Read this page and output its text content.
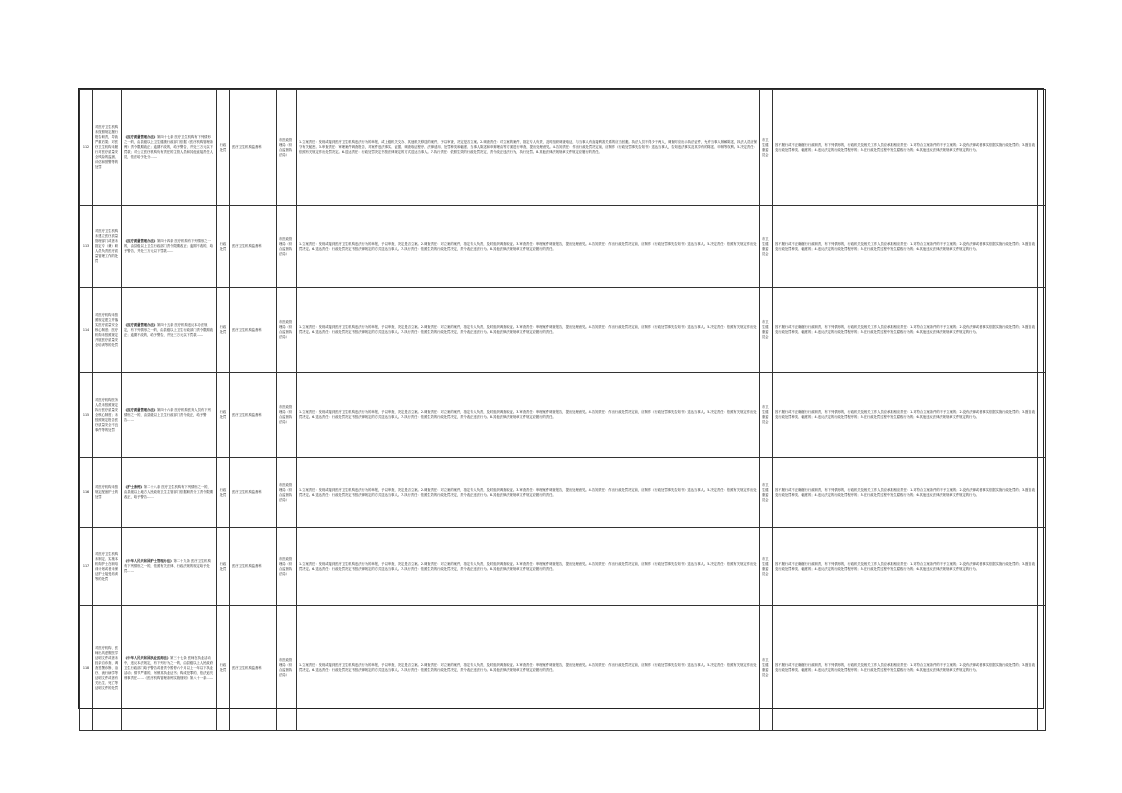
112	对医疗卫生机构未按照规定履行报告职责，导致严重后果；对医疗卫生机构未履行对医疗质量安全风险的监测、评估和预警等的处罚	《医疗质量管理办法》第四十七条 医疗卫生机构有下列情形之一的，由县级以上卫生健康行政部门依据《医疗机构管理条例》责令限期改正；逾期不改的，给予警告，并处三万元以下罚款；对公立医疗机构负有责任的主管人员和其他直接责任人员，依法给予处分……	行政处罚	医疗卫生机构监督科	市医政管理局（综合监督执法局）	1.立案责任：发现或接到医疗卫生机构违法行为的举报，或上级机关交办、其他机关移送的案件，予以审查，决定是否立案。2.调查责任：对立案的案件，指定专人负责，及时组织调查取证，与当事人有直接利害关系的应当回避。执法人员不得少于两人，调查时应出示执法证件，允许当事人辩解陈述，执法人员应保守有关秘密。3.审查责任：审理案件调查报告，对案件违法事实、证据、调查取证程序、法律适用、处罚种类和幅度、当事人陈述和申辩理由等方面进行审查，提出处理意见。4.告知责任：作出行政处罚决定前，应制作《行政处罚事先告知书》送达当事人，告知违法事实及其享有的陈述、申辩等权利。5.决定责任：依照有关规定作出处罚决定。6.送达责任：行政处罚决定书按法律规定的方式送达当事人。7.执行责任：依照生效的行政处罚决定，责令改正违法行为，执行处罚。8.其他法律法规规章文件规定应履行的责任。	市卫生健康委员会	因不履行或不正确履行行政职责，有下列情形的，行政机关及相关工作人员应承担相应责任：1.对符合立案条件的不予立案的；2.没有法律或者事实依据实施行政处罚的；3.擅自改变行政处罚种类、幅度的；4.违反法定的行政处罚程序的；5.在行政处罚过程中发生腐败行为的；6.其他违反法律法规规章文件规定的行为。	
113	对医疗卫生机构未建立医疗质量管理部门或者未指定专（兼）职人员负责医疗质量管理工作的处罚	《医疗质量管理办法》第四十四条 医疗机构有下列情形之一的，由县级以上卫生行政部门责令限期改正；逾期不改的，给予警告，并处三万元以下罚款……	行政处罚	医疗卫生机构监督科	市医政管理局（综合监督执法局）	1.立案责任：发现或接到医疗卫生机构违法行为的举报，予以审查，决定是否立案。2.调查责任：对立案的案件，指定专人负责，及时组织调查取证。3.审查责任：审理案件调查报告，提出处理意见。4.告知责任：作出行政处罚决定前，应制作《行政处罚事先告知书》送达当事人。5.决定责任：依照有关规定作出处罚决定。6.送达责任：行政处罚决定书按法律规定的方式送达当事人。7.执行责任：依照生效的行政处罚决定，责令改正违法行为。8.其他法律法规规章文件规定应履行的责任。	市卫生健康委员会	因不履行或不正确履行行政职责，有下列情形的，行政机关及相关工作人员应承担相应责任：1.对符合立案条件的不予立案的；2.没有法律或者事实依据实施行政处罚的；3.擅自改变行政处罚种类、幅度的；4.违反法定的行政处罚程序的；5.在行政处罚过程中发生腐败行为的；6.其他违反法律法规规章文件规定的行为。	
114	对医疗机构未按照规定建立并落实医疗质量安全核心制度；医疗机构未按照规定开展医疗质量安全培训等的处罚	《医疗质量管理办法》第四十五条 医疗机构违反本办法规定，有下列情形之一的，由县级以上卫生行政部门责令限期改正；逾期不改的，给予警告，并处三万元以下罚款……	行政处罚	医疗卫生机构监督科	市医政管理局（综合监督执法局）	1.立案责任：发现或接到医疗卫生机构违法行为的举报，予以审查，决定是否立案。2.调查责任：对立案的案件，指定专人负责，及时组织调查取证。3.审查责任：审理案件调查报告，提出处理意见。4.告知责任：作出行政处罚决定前，应制作《行政处罚事先告知书》送达当事人。5.决定责任：依照有关规定作出处罚决定。6.送达责任：行政处罚决定书按法律规定的方式送达当事人。7.执行责任：依照生效的行政处罚决定，责令改正违法行为。8.其他法律法规规章文件规定应履行的责任。	市卫生健康委员会	因不履行或不正确履行行政职责，有下列情形的，行政机关及相关工作人员应承担相应责任：1.对符合立案条件的不予立案的；2.没有法律或者事实依据实施行政处罚的；3.擅自改变行政处罚种类、幅度的；4.违反法定的行政处罚程序的；5.在行政处罚过程中发生腐败行为的；6.其他违反法律法规规章文件规定的行为。	
115	对医疗机构医务人员未按照规定执行医疗质量安全核心制度；未按照规定报告医疗质量安全不良事件等的处罚	《医疗质量管理办法》第四十六条 医疗机构医务人员有下列情形之一的，由县级以上卫生行政部门责令改正，给予警告……	行政处罚	医疗卫生机构监督科	市医政管理局（综合监督执法局）	1.立案责任：发现或接到医疗卫生机构违法行为的举报，予以审查，决定是否立案。2.调查责任：对立案的案件，指定专人负责，及时组织调查取证。3.审查责任：审理案件调查报告，提出处理意见。4.告知责任：作出行政处罚决定前，应制作《行政处罚事先告知书》送达当事人。5.决定责任：依照有关规定作出处罚决定。6.送达责任：行政处罚决定书按法律规定的方式送达当事人。7.执行责任：依照生效的行政处罚决定，责令改正违法行为。8.其他法律法规规章文件规定应履行的责任。	市卫生健康委员会	因不履行或不正确履行行政职责，有下列情形的，行政机关及相关工作人员应承担相应责任：1.对符合立案条件的不予立案的；2.没有法律或者事实依据实施行政处罚的；3.擅自改变行政处罚种类、幅度的；4.违反法定的行政处罚程序的；5.在行政处罚过程中发生腐败行为的；6.其他违反法律法规规章文件规定的行为。	
116	对医疗机构未按规定配备护士的处罚	《护士条例》第二十八条 医疗卫生机构有下列情形之一的，由县级以上地方人民政府卫生主管部门依据职责分工责令限期改正，给予警告……	行政处罚	医疗卫生机构监督科	市医政管理局（综合监督执法局）	1.立案责任：发现或接到医疗卫生机构违法行为的举报，予以审查，决定是否立案。2.调查责任：对立案的案件，指定专人负责，及时组织调查取证。3.审查责任：审理案件调查报告，提出处理意见。4.告知责任：作出行政处罚决定前，应制作《行政处罚事先告知书》送达当事人。5.决定责任：依照有关规定作出处罚决定。6.送达责任：行政处罚决定书按法律规定的方式送达当事人。7.执行责任：依照生效的行政处罚决定，责令改正违法行为。8.其他法律法规规章文件规定应履行的责任。	市卫生健康委员会	因不履行或不正确履行行政职责，有下列情形的，行政机关及相关工作人员应承担相应责任：1.对符合立案条件的不予立案的；2.没有法律或者事实依据实施行政处罚的；3.擅自改变行政处罚种类、幅度的；4.违反法定的行政处罚程序的；5.在行政处罚过程中发生腐败行为的；6.其他违反法律法规规章文件规定的行为。	
117	对医疗卫生机构未制定、实施本机构护士在职培训计划或者未保证护士接受培训等的处罚	《中华人民共和国护士管理办法》第二十九条 医疗卫生机构有下列情形之一的，依照有关法律、行政法规的规定给予处罚……	行政处罚	医疗卫生机构监督科	市医政管理局（综合监督执法局）	1.立案责任：发现或接到医疗卫生机构违法行为的举报，予以审查，决定是否立案。2.调查责任：对立案的案件，指定专人负责，及时组织调查取证。3.审查责任：审理案件调查报告，提出处理意见。4.告知责任：作出行政处罚决定前，应制作《行政处罚事先告知书》送达当事人。5.决定责任：依照有关规定作出处罚决定。6.送达责任：行政处罚决定书按法律规定的方式送达当事人。7.执行责任：依照生效的行政处罚决定，责令改正违法行为。8.其他法律法规规章文件规定应履行的责任。	市卫生健康委员会	因不履行或不正确履行行政职责，有下列情形的，行政机关及相关工作人员应承担相应责任：1.对符合立案条件的不予立案的；2.没有法律或者事实依据实施行政处罚的；3.擅自改变行政处罚种类、幅度的；4.违反法定的行政处罚程序的；5.在行政处罚过程中发生腐败行为的；6.其他违反法律法规规章文件规定的行为。	
118	对医疗机构、医师出具虚假医学证明文件或者未经亲自诊查、调查签署诊断、治疗、流行病学等证明文件或者有关出生、死亡等证明文件的处罚	《中华人民共和国执业医师法》第三十七条 医师在执业活动中，违反本法规定，有下列行为之一的，由县级以上人民政府卫生行政部门给予警告或者责令暂停六个月以上一年以下执业活动；情节严重的，吊销其执业证书；构成犯罪的，依法追究刑事责任……《医疗机构管理条例实施细则》第八十一条……	行政处罚	医疗卫生机构监督科	市医政管理局（综合监督执法局）	1.立案责任：发现或接到医疗卫生机构违法行为的举报，予以审查，决定是否立案。2.调查责任：对立案的案件，指定专人负责，及时组织调查取证。3.审查责任：审理案件调查报告，提出处理意见。4.告知责任：作出行政处罚决定前，应制作《行政处罚事先告知书》送达当事人。5.决定责任：依照有关规定作出处罚决定。6.送达责任：行政处罚决定书按法律规定的方式送达当事人。7.执行责任：依照生效的行政处罚决定，责令改正违法行为。8.其他法律法规规章文件规定应履行的责任。	市卫生健康委员会	因不履行或不正确履行行政职责，有下列情形的，行政机关及相关工作人员应承担相应责任：1.对符合立案条件的不予立案的；2.没有法律或者事实依据实施行政处罚的；3.擅自改变行政处罚种类、幅度的；4.违反法定的行政处罚程序的；5.在行政处罚过程中发生腐败行为的；6.其他违反法律法规规章文件规定的行为。	
